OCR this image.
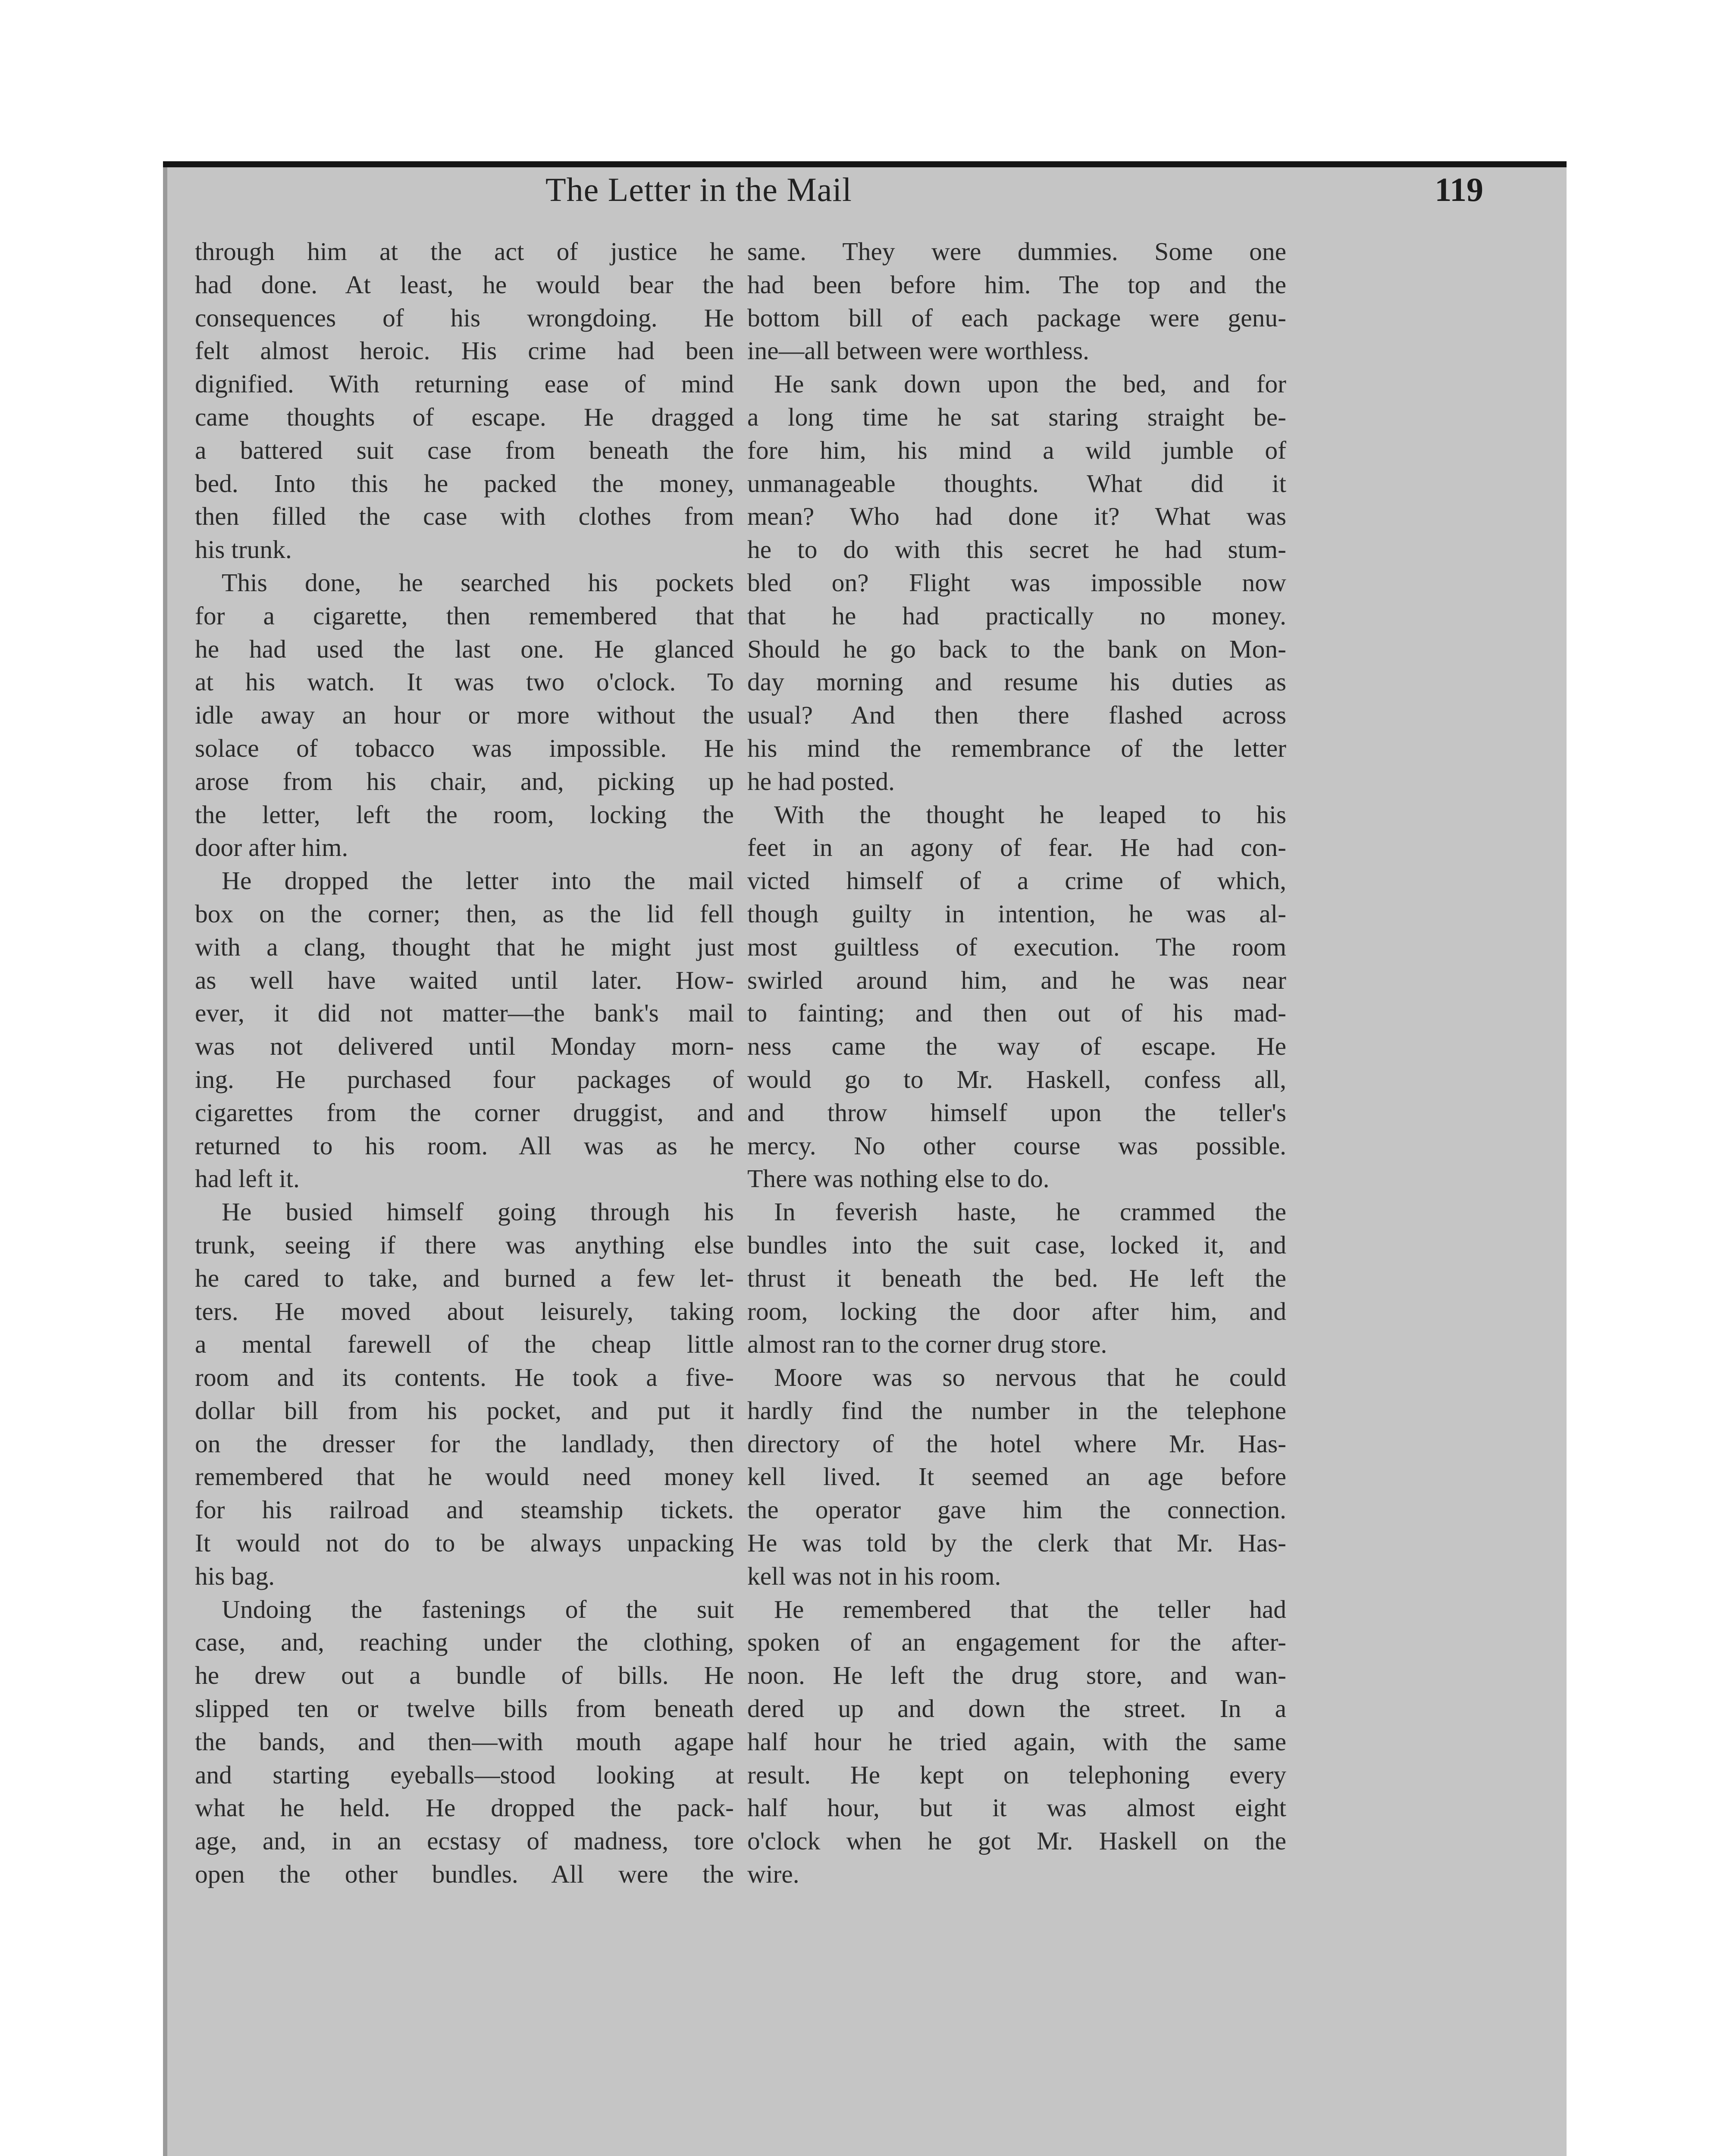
The Letter in the Mail	119
through him at the act of justice he
had done. At least, he would bear the
consequences of his wrongdoing. He
felt almost heroic. His crime had been
dignified. With returning ease of mind
came thoughts of escape. He dragged
a battered suit case from beneath the
bed. Into this he packed the money,
then filled the case with clothes from
his trunk.
This done, he searched his pockets
for a cigarette, then remembered that
he had used the last one. He glanced
at his watch. It was two o'clock. To
idle away an hour or more without the
solace of tobacco was impossible. He
arose from his chair, and, picking up
the letter, left the room, locking the
door after him.
He dropped the letter into the mail
box on the corner; then, as the lid fell
with a clang, thought that he might just
as well have waited until later. How-
ever, it did not matter—the bank's mail
was not delivered until Monday morn-
ing. He purchased four packages of
cigarettes from the corner druggist, and
returned to his room. All was as he
had left it.
He busied himself going through his
trunk, seeing if there was anything else
he cared to take, and burned a few let-
ters. He moved about leisurely, taking
a mental farewell of the cheap little
room and its contents. He took a five-
dollar bill from his pocket, and put it
on the dresser for the landlady, then
remembered that he would need money
for his railroad and steamship tickets.
It would not do to be always unpacking
his bag.
Undoing the fastenings of the suit
case, and, reaching under the clothing,
he drew out a bundle of bills. He
slipped ten or twelve bills from beneath
the bands, and then—with mouth agape
and starting eyeballs—stood looking at
what he held. He dropped the pack-
age, and, in an ecstasy of madness, tore
open the other bundles. All were the
same. They were dummies. Some one
had been before him. The top and the
bottom bill of each package were genu-
ine—all between were worthless.
He sank down upon the bed, and for
a long time he sat staring straight be-
fore him, his mind a wild jumble of
unmanageable thoughts. What did it
mean? Who had done it? What was
he to do with this secret he had stum-
bled on? Flight was impossible now
that he had practically no money.
Should he go back to the bank on Mon-
day morning and resume his duties as
usual? And then there flashed across
his mind the remembrance of the letter
he had posted.
With the thought he leaped to his
feet in an agony of fear. He had con-
victed himself of a crime of which,
though guilty in intention, he was al-
most guiltless of execution. The room
swirled around him, and he was near
to fainting; and then out of his mad-
ness came the way of escape. He
would go to Mr. Haskell, confess all,
and throw himself upon the teller's
mercy. No other course was possible.
There was nothing else to do.
In feverish haste, he crammed the
bundles into the suit case, locked it, and
thrust it beneath the bed. He left the
room, locking the door after him, and
almost ran to the corner drug store.
Moore was so nervous that he could
hardly find the number in the telephone
directory of the hotel where Mr. Has-
kell lived. It seemed an age before
the operator gave him the connection.
He was told by the clerk that Mr. Has-
kell was not in his room.
He remembered that the teller had
spoken of an engagement for the after-
noon. He left the drug store, and wan-
dered up and down the street. In a
half hour he tried again, with the same
result. He kept on telephoning every
half hour, but it was almost eight
o'clock when he got Mr. Haskell on the
wire.
